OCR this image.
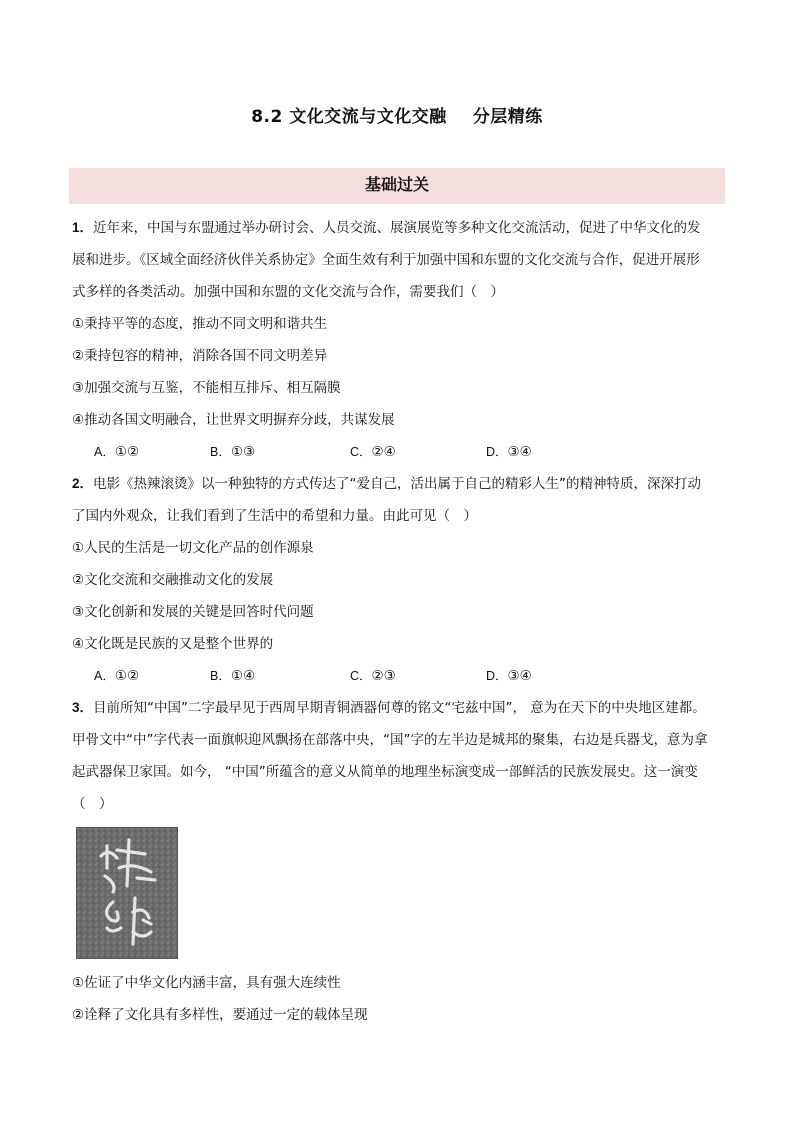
8.2 文化交流与文化交融 分层精练
基础过关
1．近年来，中国与东盟通过举办研讨会、人员交流、展演展览等多种文化交流活动，促进了中华文化的发
展和进步。《区域全面经济伙伴关系协定》全面生效有利于加强中国和东盟的文化交流与合作，促进开展形
式多样的各类活动。加强中国和东盟的文化交流与合作，需要我们（　）
①秉持平等的态度，推动不同文明和谐共生
②秉持包容的精神，消除各国不同文明差异
③加强交流与互鉴，不能相互排斥、相互隔膜
④推动各国文明融合，让世界文明摒弃分歧，共谋发展
A．①②	B．①③	C．②④	D．③④
2．电影《热辣滚烫》以一种独特的方式传达了“爱自己，活出属于自己的精彩人生”的精神特质，深深打动
了国内外观众，让我们看到了生活中的希望和力量。由此可见（　）
①人民的生活是一切文化产品的创作源泉
②文化交流和交融推动文化的发展
③文化创新和发展的关键是回答时代问题
④文化既是民族的又是整个世界的
A．①②	B．①④	C．②③	D．③④
3．目前所知“中国”二字最早见于西周早期青铜酒器何尊的铭文“宅兹中国”， 意为在天下的中央地区建都。
甲骨文中“中”字代表一面旗帜迎风飘扬在部落中央，“国”字的左半边是城邦的聚集，右边是兵器戈，意为拿
起武器保卫家国。如今， “中国”所蕴含的意义从简单的地理坐标演变成一部鲜活的民族发展史。这一演变
（　）
①佐证了中华文化内涵丰富，具有强大连续性
②诠释了文化具有多样性，要通过一定的载体呈现
